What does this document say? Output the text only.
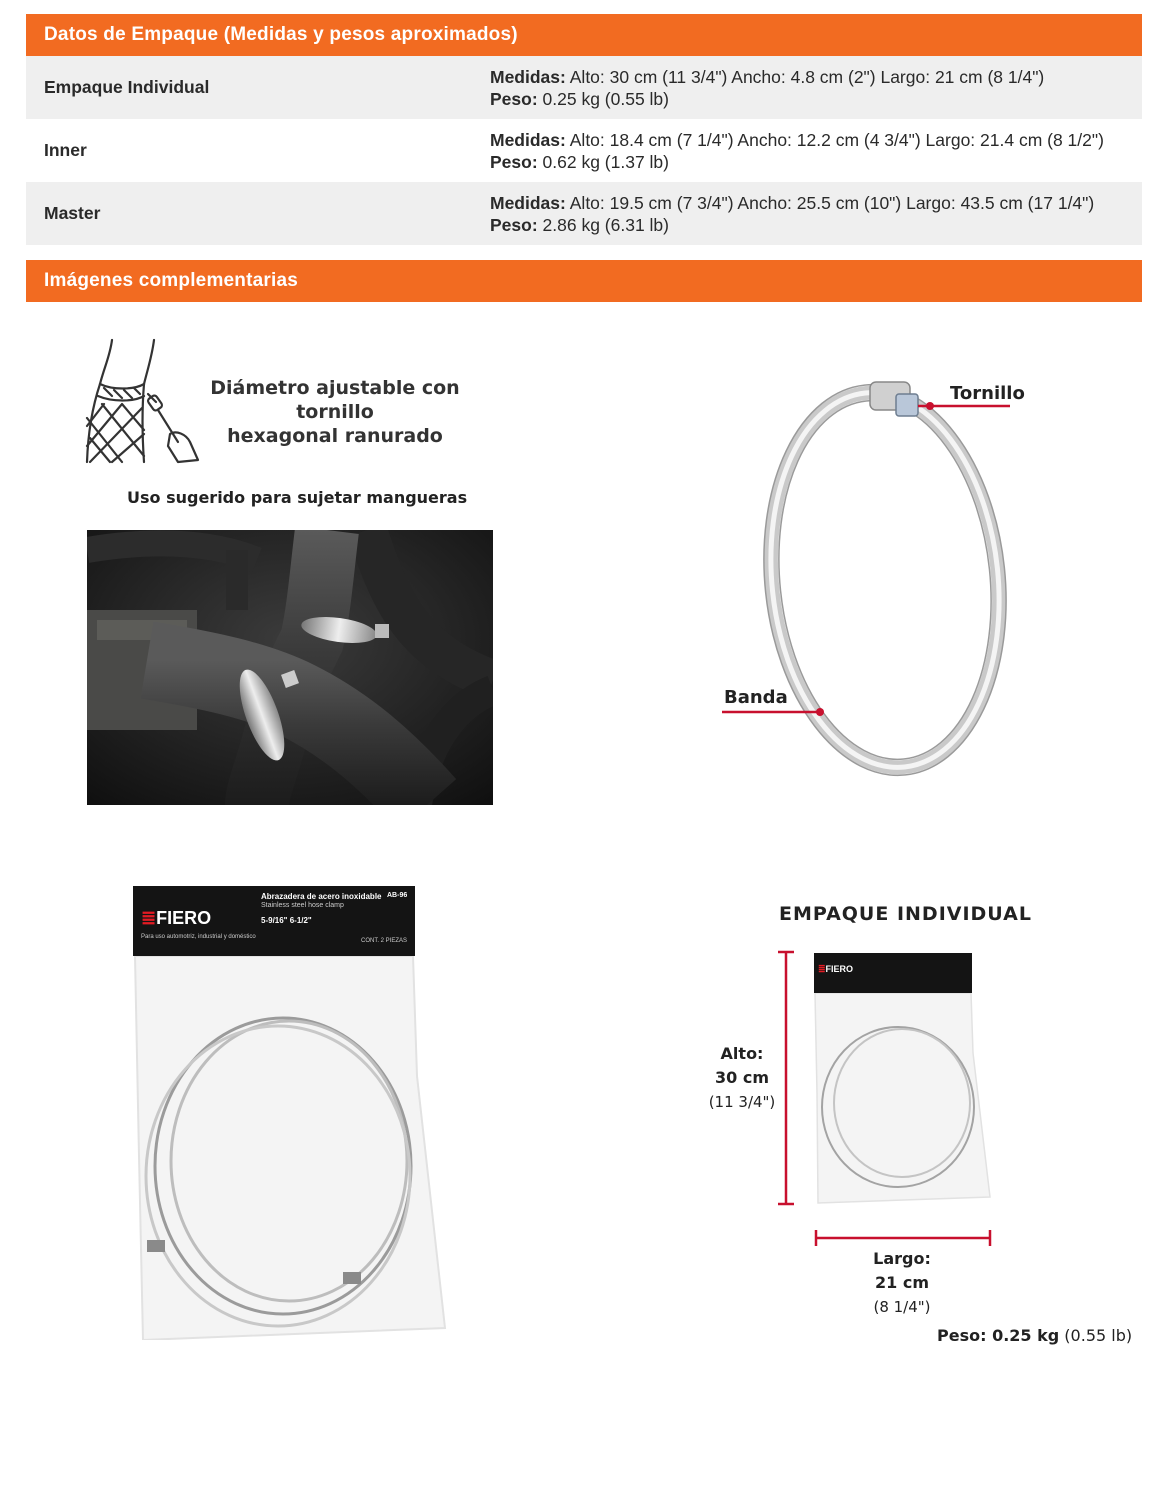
Datos de Empaque (Medidas y pesos aproximados)
Empaque Individual
Medidas: Alto: 30 cm (11 3/4") Ancho: 4.8 cm (2") Largo: 21 cm (8 1/4")
Peso: 0.25 kg (0.55 lb)
Inner
Medidas: Alto: 18.4 cm (7 1/4") Ancho: 12.2 cm (4 3/4") Largo: 21.4 cm (8 1/2") Peso: 0.62 kg (1.37 lb)
Master
Medidas: Alto: 19.5 cm (7 3/4") Ancho: 25.5 cm (10") Largo: 43.5 cm (17 1/4") Peso: 2.86 kg (6.31 lb)
Imágenes complementarias
Diámetro ajustable con tornillo
hexagonal ranurado
Uso sugerido para sujetar mangueras
Tornillo
Banda
≣FIERO
Abrazadera de acero inoxidable
Stainless steel hose clamp
5-9/16" 6-1/2"
AB-96
Para uso automotriz, industrial y doméstico
CONT. 2 PIEZAS
EMPAQUE INDIVIDUAL
≣FIERO
Alto:
30 cm
(11 3/4")
Largo:
21 cm
(8 1/4")
Peso: 0.25 kg (0.55 lb)
